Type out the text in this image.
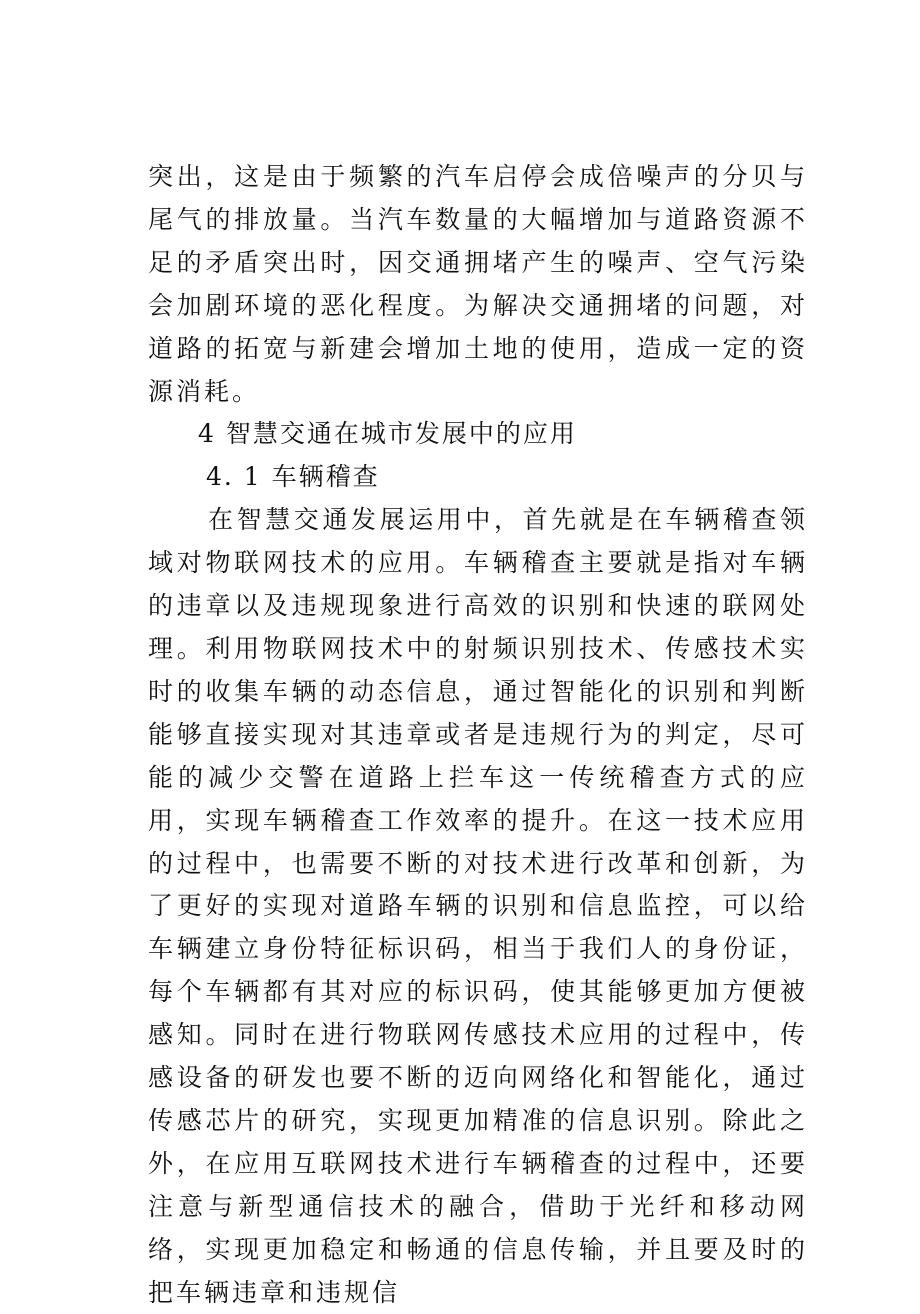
突出，这是由于频繁的汽车启停会成倍噪声的分贝与尾气的排放量。当汽车数量的大幅增加与道路资源不足的矛盾突出时，因交通拥堵产生的噪声、空气污染会加剧环境的恶化程度。为解决交通拥堵的问题，对道路的拓宽与新建会增加土地的使用，造成一定的资源消耗。

4 智慧交通在城市发展中的应用

4. 1 车辆稽查

在智慧交通发展运用中，首先就是在车辆稽查领域对物联网技术的应用。车辆稽查主要就是指对车辆的违章以及违规现象进行高效的识别和快速的联网处理。利用物联网技术中的射频识别技术、传感技术实时的收集车辆的动态信息，通过智能化的识别和判断能够直接实现对其违章或者是违规行为的判定，尽可能的减少交警在道路上拦车这一传统稽查方式的应用，实现车辆稽查工作效率的提升。在这一技术应用的过程中，也需要不断的对技术进行改革和创新，为了更好的实现对道路车辆的识别和信息监控，可以给车辆建立身份特征标识码，相当于我们人的身份证，每个车辆都有其对应的标识码，使其能够更加方便被感知。同时在进行物联网传感技术应用的过程中，传感设备的研发也要不断的迈向网络化和智能化，通过传感芯片的研究，实现更加精准的信息识别。除此之外，在应用互联网技术进行车辆稽查的过程中，还要注意与新型通信技术的融合，借助于光纤和移动网络，实现更加稳定和畅通的信息传输，并且要及时的把车辆违章和违规信
